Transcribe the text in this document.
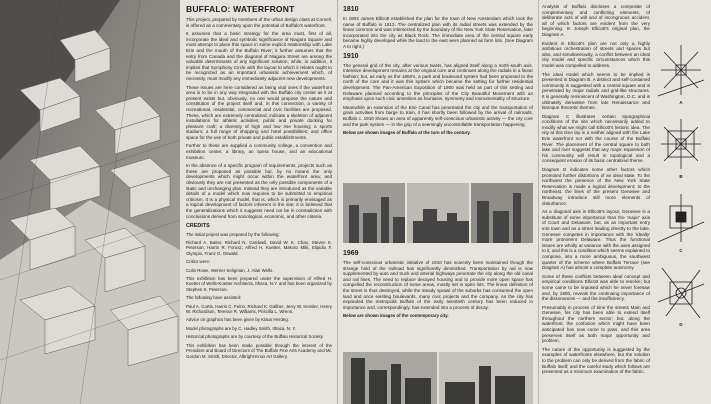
BUFFALO: WATERFRONT

This project, prepared by members of the urban design class at Cornell, is offered as a commentary upon the potential of Buffalo's waterfront.

It assumes that a basic strategy for the area must, first of all, incorporate the ideal and symbolic significance of Niagara Square and must attempt to place this space in some explicit relationship with Lake Erie and the mouth of the Buffalo River; it further assumes that the entry from Canada and the diagonal of Niagara Street are among the valuable determinants of any significant solution; while, in addition, it implies that Symphony Circle with the layout to which it relates ought to be recognized as an important urbanistic achievement which, of necessity, must modify any immediately adjacent new developments.

These issues are here considered as being vital ones if the waterfront area is to be in any way integrated with the Buffalo city center as it at present exists but, obviously, no one would propose the nature and constitution of the project itself and, in this connection, a variety of recreational, residential, commercial and civic facilities are proposed. These, which are extremely centralized, indicate a skeleton of adjacent installations for athletic activities; public and private docking for pleasure craft; a diversity of high and low rise housing; a sports stadium; a full range of shopping and hotel possibilities; and office space for the use of both private and public establishments.

Further to these are supplied a community college, a convention and exhibition center, a library, an opera house, and an educational museum.

In the absence of a specific program of requirements, projects such as these are proposed as possible but, by no means the only developments which might occur within the waterfront area; and obviously they are not presented as the only possible components of a static and unchanging plan. Instead they are introduced as the variable details of a model which now requires to be submitted to empirical criticism. It is a physical model, that is, which is primarily envisaged as a logical development of factors inherent in the site; it is believed that the generalizations which it suggests need not be in contradiction with conclusions derived from sociological, economic, and other criteria.

CREDITS

The initial project was prepared by the following:

Richard A. Baiter, Richard N. Cardwell, David W. K. Chan, Steven K. Peterson, Harris R. Forusz, Alfred H. Koetter, Makoto Miki, Elipidio F. Olympio, Franz G. Oswald.

Critics were:

Colin Rowe, Werner Seligman, J. Alan Wells.

This exhibition has been prepared under the supervision of Alfred H. Koetter of Wells-Koetter Architects, Ithaca, N.Y. and has been organized by Stephen K. Peterson.

The following have assisted:

Paul A. Curtis, Harris C. Feinn, Richard K. Gallber, Jerry W. Kessler, Henry W. Richardson, Terence R. Williams, Priscilla L. Wrenn.

Advice on graphics has been given by Klaus Herdeg.

Model photographs are by C. Hadley Smith, Ithaca, N. Y.

Historical photographs are by courtesy of the Buffalo Historical Society.

This exhibition has been made possible through the interest of the President and Board of Directors of The Buffalo Fine Arts Academy and Mr. Gordon M. Smith, Director, Albright-Knox Art Gallery.

1810

In 1804 James Ellicott established the plan for the town of New Amsterdam which took the name of Buffalo in 1813. The centralized plan with its radial streets was extended by the linear common and was intersected by the boundary of the New York State Reservation, later incorporated into the city as Black Rock. The immediate area of the central square early became highly developed while the land to the east were planned as farm lots. (See Diagram A to right.)

1910

The general grid of the city, after various twists, has aligned itself along a north-south axis. Intensive development remains at the original core and continues along the radials in a linear fashion; but, as early as the 1850's, a park and boulevard system had been proposed to the north of the core and it was this system which became the setting for further residential development. The Pan-American Exposition of 1900 was held as part of this setting and Delaware planned according to the principles of the City Beautiful Movement with an emphasis upon such civic amenities as fountains, symmetry and monumentality of structure.

Meanwhile an extension of the Erie Canal has penetrated the city and the transportation of grain activities from barge to train, it has shortly been followed by the arrival of railroads. Buffalo c. 1910 shows an area of apparently self-conscious urbanistic activity — the city core and the park system — in the grip of a seemingly uncontrollable transportation happening.

Below are shown images of Buffalo at the turn of the century.

1969

The self-conscious urbanistic initiative of 1910 has scarcely been maintained though the strange hold of the railroad has significantly diminished. Transportation by rail is now supplemented by auto and truck and arterial highways penetrate the city along the old canal and rail lines. The need to replace decayed housing and to provide more open space has compelled the reconstruction of some areas, mostly set in open lots. The linear definition of the street is thus destroyed, while the steady sprawl of the suburbs has consumed the open land and once existing boulevards, many civic projects and the company. As the city has expanded the metropolis Buffalo of the early twentieth century has been reduced in importance and, correspondingly, has extended into a process of decay.

Below are shown images of the contemporary city.

Analysis of Buffalo discloses a composite of complementary and conflicting elements, of deliberate acts of will and of incongruous accident, all of which factors are evident from the very beginning. In Joseph Ellicott's original plan, the Diagram A.

Evident in Ellicott's plan are not only a highly ambitious orchestration of streets and spaces but also, and simultaneously, a conflict between an ideal city model and specific circumstances which this model was compelled to address.

The ideal model which seems to be implied is presented in Diagram B. A distinct and self-contained community is suggested with a central square and is penetrated by major radials and grid-like structures. It is generally reminiscent of Washington, D.C. and is ultimately derivative from late Renaissance and Baroque theoretic themes.

Diagram C illustrates certain topographical conditions of the site which necessarily added to modify what we might call Ellicott's historic idea. The city at this time lay in a neither aligned with the Lake Erie waterfront nor with the course of the Buffalo River. The placement of the central square to both lake and river suggests that any major expansion of his community will result in topological and a consequent erosion of its basic centralized theme.

Diagram D indicates some other factors which promoted further distortions of an ideal state. To the northwest the presence of the New York State Reservation is made a logical development; to the northeast, the lines of the present Genesee and Broadway introduce still more elements of disturbance.

As a diagonal axis in Ellicott's layout, Genesee is a substitute of some importance than the 'major' axis of Court and Delaware, but, as an important entry into town and as a street leading directly to the lake, Genesee competes in importance with the 'ideally' more prominent Delaware. Thus the functional issues are wholly at variance with the axes assigned to it, and this is a condition which seems explained to compose, into a more ambiguous, the southwest quarter of the scheme where Buffalo Terrace (see Diagram A) has almost a complete autonomy.

Some of these conflicts between ideal concept and empirical conditions Ellicott was able to resolve; but some came to be imposed which he never foresaw and, by 1900, reveals the continuing importance of the dissonances — and the insufficiency.

Presumably in process of time the streets Main and Genesee, his city has been able to extend itself throughout the northern sector; but, along the waterfront, the confusion which might have been anticipated has now come to pass, and this area preserves itself as both major opportunity and problem.

The nature of the opportunity is suggested by the examples of waterfronts elsewhere, but the solution to the problem can only be derived from the fabric of Buffalo itself; and the careful study which follows are presented as a minimum examination of the fabric.

A
B
C
D
